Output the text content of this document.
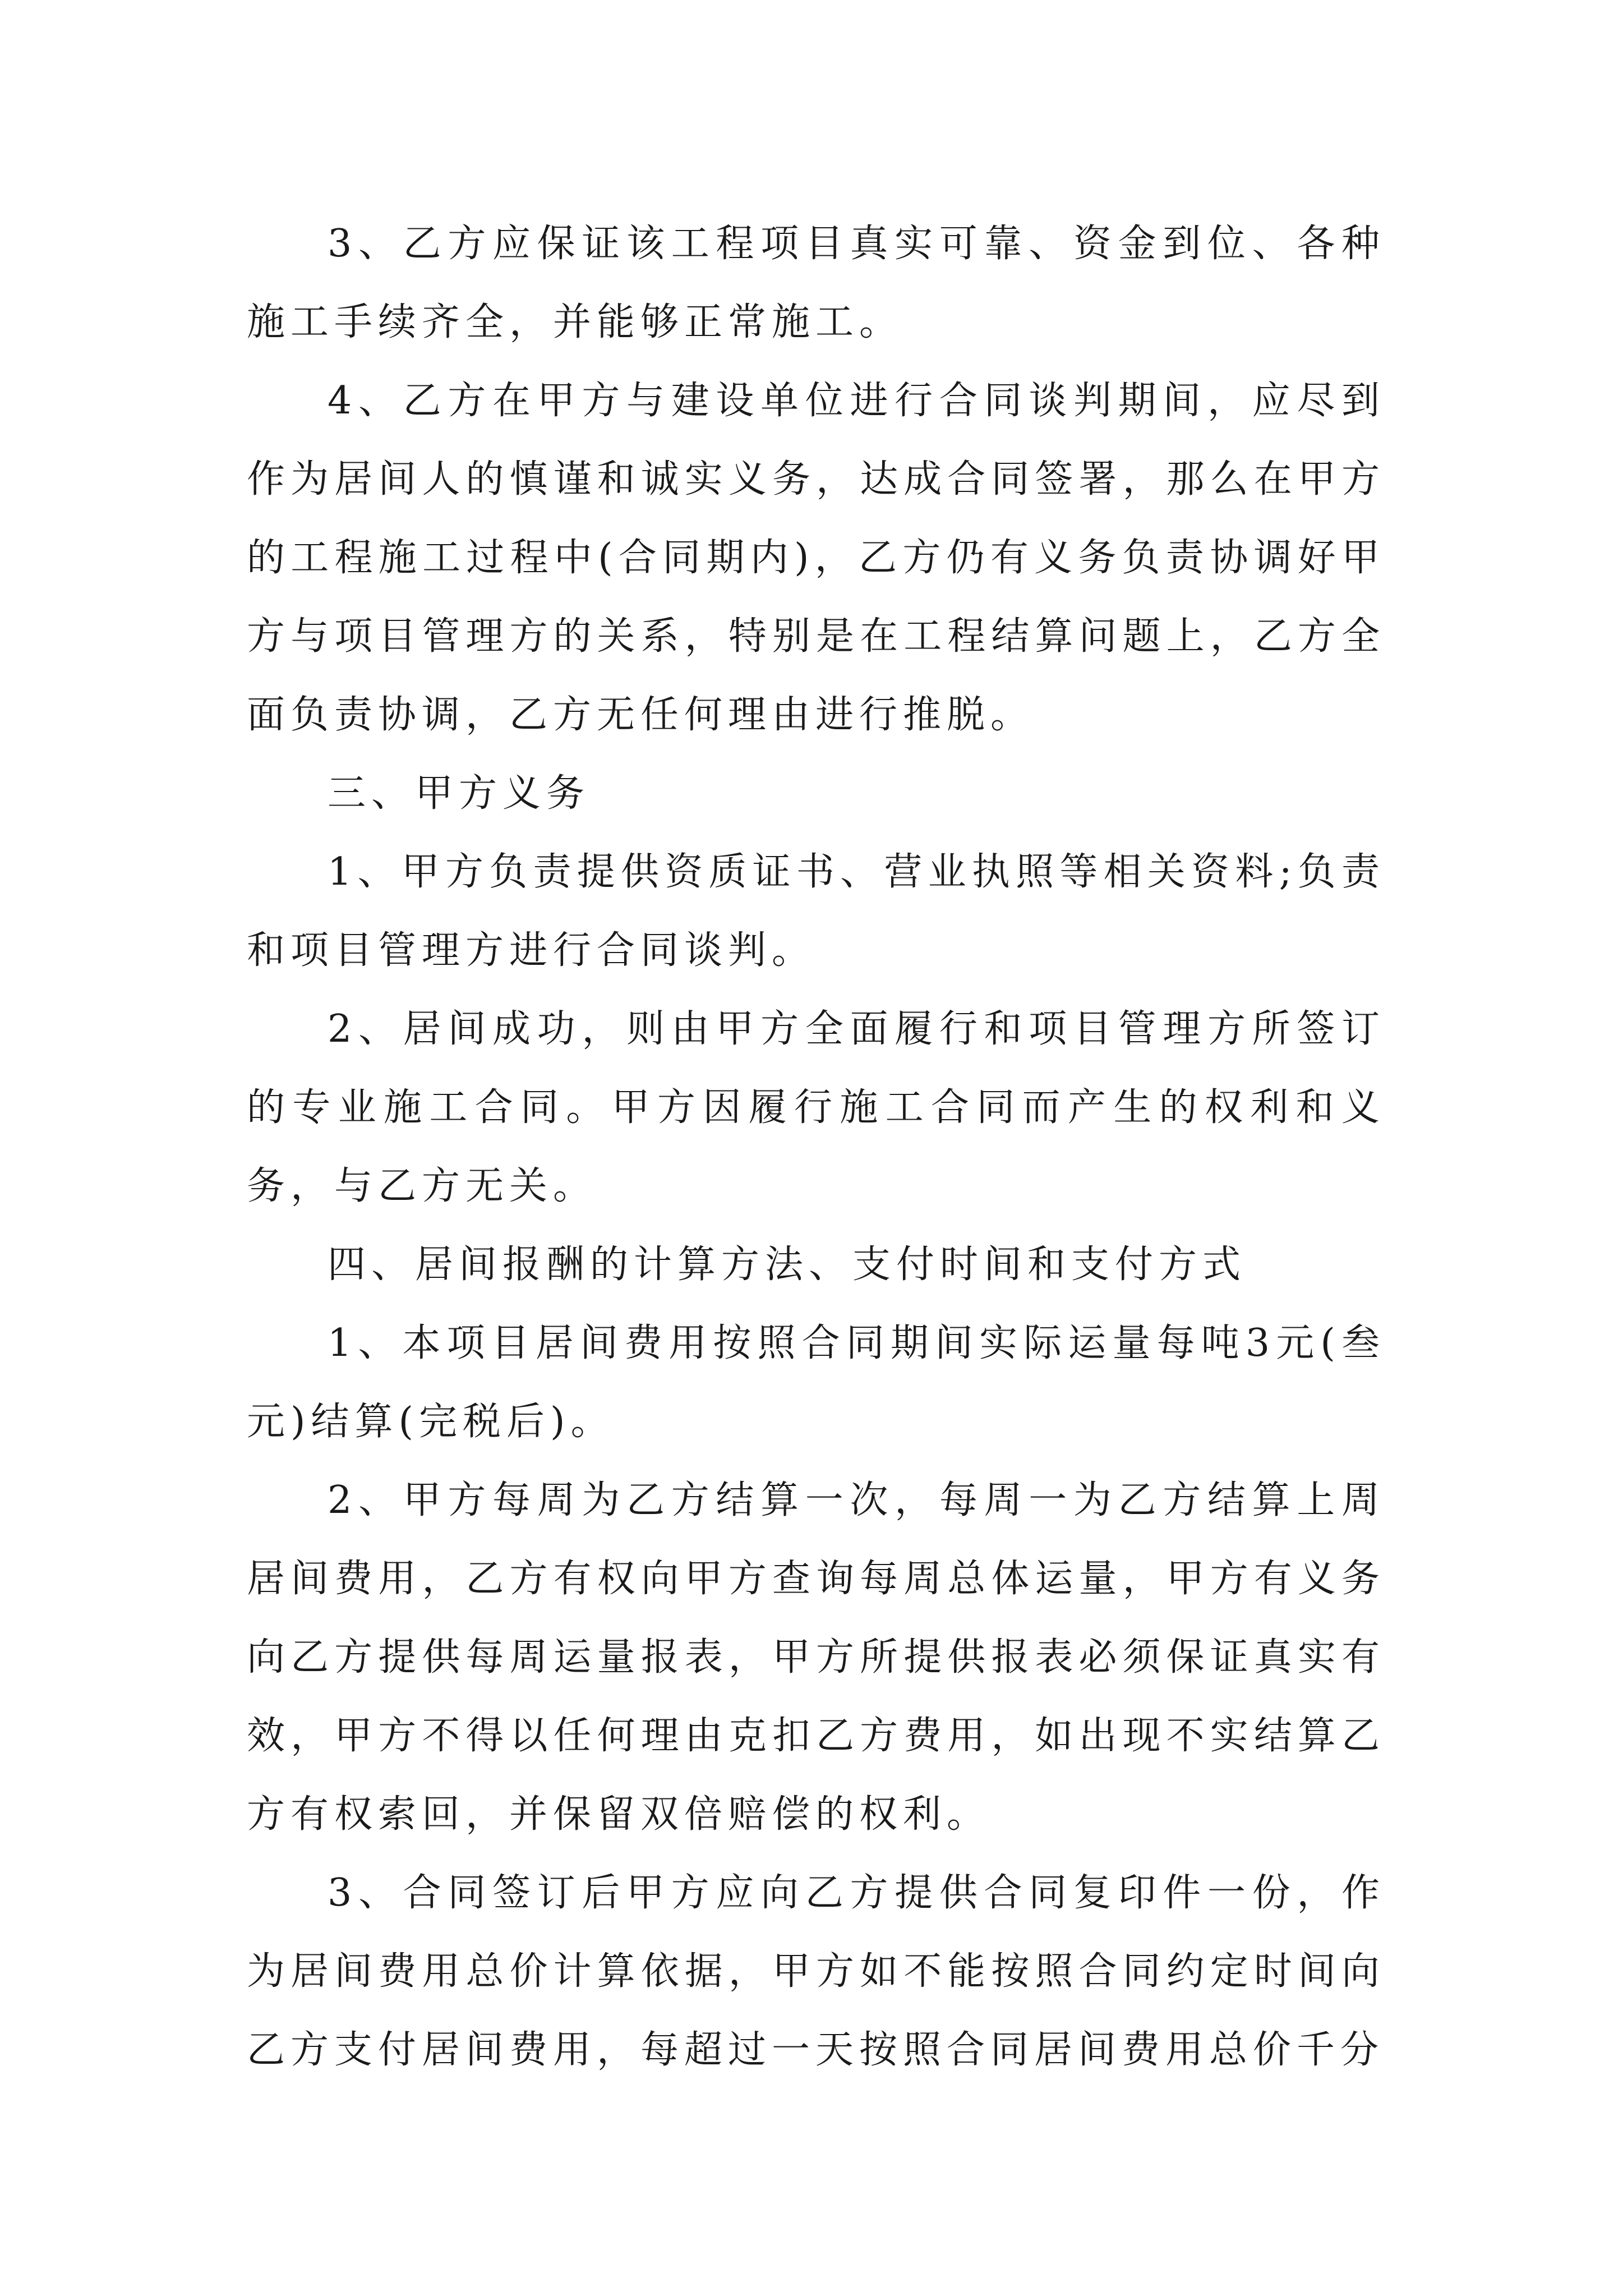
3、乙方应保证该工程项目真实可靠、资金到位、各种施工手续齐全，并能够正常施工。

4、乙方在甲方与建设单位进行合同谈判期间，应尽到作为居间人的慎谨和诚实义务，达成合同签署，那么在甲方的工程施工过程中(合同期内)，乙方仍有义务负责协调好甲方与项目管理方的关系，特别是在工程结算问题上，乙方全面负责协调，乙方无任何理由进行推脱。

三、甲方义务

1、甲方负责提供资质证书、营业执照等相关资料;负责和项目管理方进行合同谈判。

2、居间成功，则由甲方全面履行和项目管理方所签订的专业施工合同。甲方因履行施工合同而产生的权利和义务，与乙方无关。

四、居间报酬的计算方法、支付时间和支付方式

1、本项目居间费用按照合同期间实际运量每吨3元(叁元)结算(完税后)。

2、甲方每周为乙方结算一次，每周一为乙方结算上周居间费用，乙方有权向甲方查询每周总体运量，甲方有义务向乙方提供每周运量报表，甲方所提供报表必须保证真实有效，甲方不得以任何理由克扣乙方费用，如出现不实结算乙方有权索回，并保留双倍赔偿的权利。

3、合同签订后甲方应向乙方提供合同复印件一份，作为居间费用总价计算依据，甲方如不能按照合同约定时间向乙方支付居间费用，每超过一天按照合同居间费用总价千分
